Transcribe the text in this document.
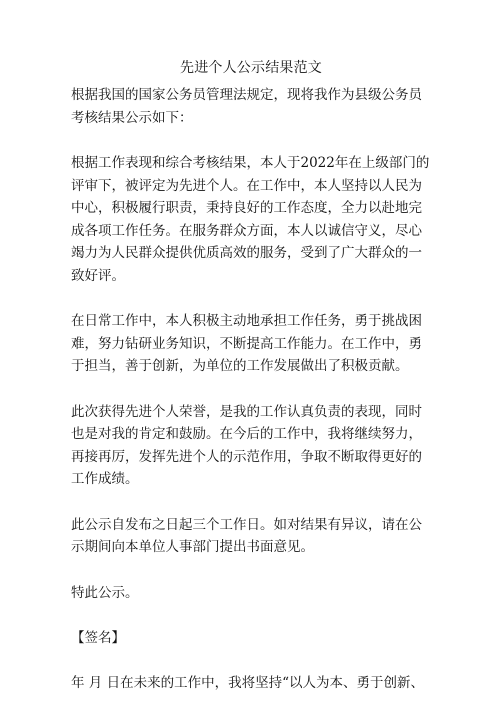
先进个人公示结果范文

根据我国的国家公务员管理法规定，现将我作为县级公务员考核结果公示如下：

根据工作表现和综合考核结果，本人于2022年在上级部门的评审下，被评定为先进个人。在工作中，本人坚持以人民为中心，积极履行职责，秉持良好的工作态度，全力以赴地完成各项工作任务。在服务群众方面，本人以诚信守义，尽心竭力为人民群众提供优质高效的服务，受到了广大群众的一致好评。

在日常工作中，本人积极主动地承担工作任务，勇于挑战困难，努力钻研业务知识，不断提高工作能力。在工作中，勇于担当，善于创新，为单位的工作发展做出了积极贡献。

此次获得先进个人荣誉，是我的工作认真负责的表现，同时也是对我的肯定和鼓励。在今后的工作中，我将继续努力，再接再厉，发挥先进个人的示范作用，争取不断取得更好的工作成绩。

此公示自发布之日起三个工作日。如对结果有异议，请在公示期间向本单位人事部门提出书面意见。

特此公示。

【签名】

年 月 日在未来的工作中，我将坚持“以人为本、勇于创新、
